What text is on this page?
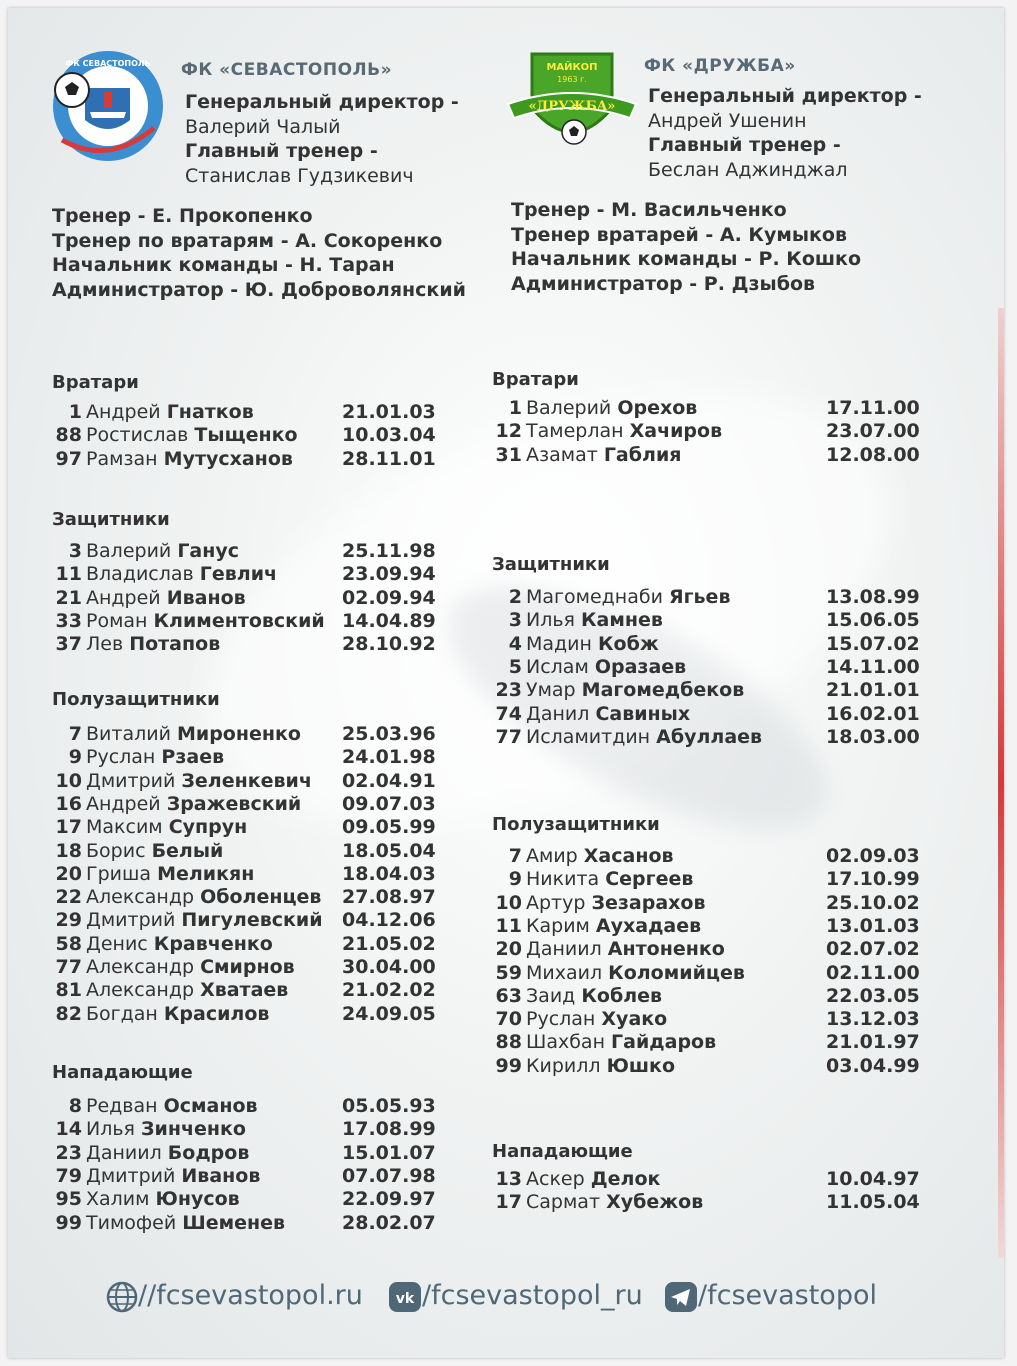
ФК СЕВАСТОПОЛЬ ФК «СЕВАСТОПОЛЬ»
Генеральный директор -
Валерий Чалый
Главный тренер -
Станислав Гудзикевич
Тренер - Е. Прокопенко
Тренер по вратарям - А. Сокоренко
Начальник команды - Н. Таран
Администратор - Ю. Доброволянский
МАЙКОП
1963 г.
«ДРУЖБА»
ФК «ДРУЖБА»
Генеральный директор -
Андрей Ушенин
Главный тренер -
Беслан Аджинджал
Тренер - М. Васильченко
Тренер вратарей - А. Кумыков
Начальник команды - Р. Кошко
Администратор - Р. Дзыбов
Вратари
1 Андрей Гнатков	21.01.03
88 Ростислав Тыщенко 10.03.04
97 Рамзан Мутусханов	28.11.01
Защитники
3 Валерий Ганус	25.11.98
11 Владислав Гевлич	23.09.94
21 Андрей Иванов	02.09.94
33 Роман Климентовский 14.04.89
37 Лев Потапов	28.10.92
Полузащитники
7 Виталий Мироненко 25.03.96
9 Руслан Рзаев	24.01.98
10 Дмитрий Зеленкевич 02.04.91
16 Андрей Зражевский 09.07.03
17 Максим Супрун	09.05.99
18 Борис Белый	18.05.04
20 Гриша Меликян	18.04.03
22 Александр Оболенцев 27.08.97
29 Дмитрий Пигулевский 04.12.06
58 Денис Кравченко	21.05.02
77 Александр Смирнов 30.04.00
81 Александр Хватаев	21.02.02
82 Богдан Красилов	24.09.05
Нападающие
8 Редван Османов	05.05.93
14 Илья Зинченко	17.08.99
23 Даниил Бодров	15.01.07
79 Дмитрий Иванов	07.07.98
95 Халим Юнусов	22.09.97
99 Тимофей Шеменев	28.02.07
Вратари
1 Валерий Орехов	17.11.00
12 Тамерлан Хачиров	23.07.00
31 Азамат Габлия	12.08.00
Защитники
2 Магомеднаби Ягьев	13.08.99
3 Илья Камнев	15.06.05
4 Мадин Кобж	15.07.02
5 Ислам Оразаев	14.11.00
23 Умар Магомедбеков	21.01.01
74 Данил Савиных	16.02.01
77 Исламитдин Абуллаев	18.03.00
Полузащитники
7 Амир Хасанов	02.09.03
9 Никита Сергеев	17.10.99
10 Артур Зезарахов	25.10.02
11 Карим Аухадаев	13.01.03
20 Даниил Антоненко	02.07.02
59 Михаил Коломийцев	02.11.00
63 Заид Коблев	22.03.05
70 Руслан Хуако	13.12.03
88 Шахбан Гайдаров	21.01.97
99 Кирилл Юшко	03.04.99
Нападающие
13 Аскер Делок	10.04.97
17 Сармат Хубежов	11.05.04
//fcsevastopol.ru vk /fcsevastopol_ru	/fcsevastopol
